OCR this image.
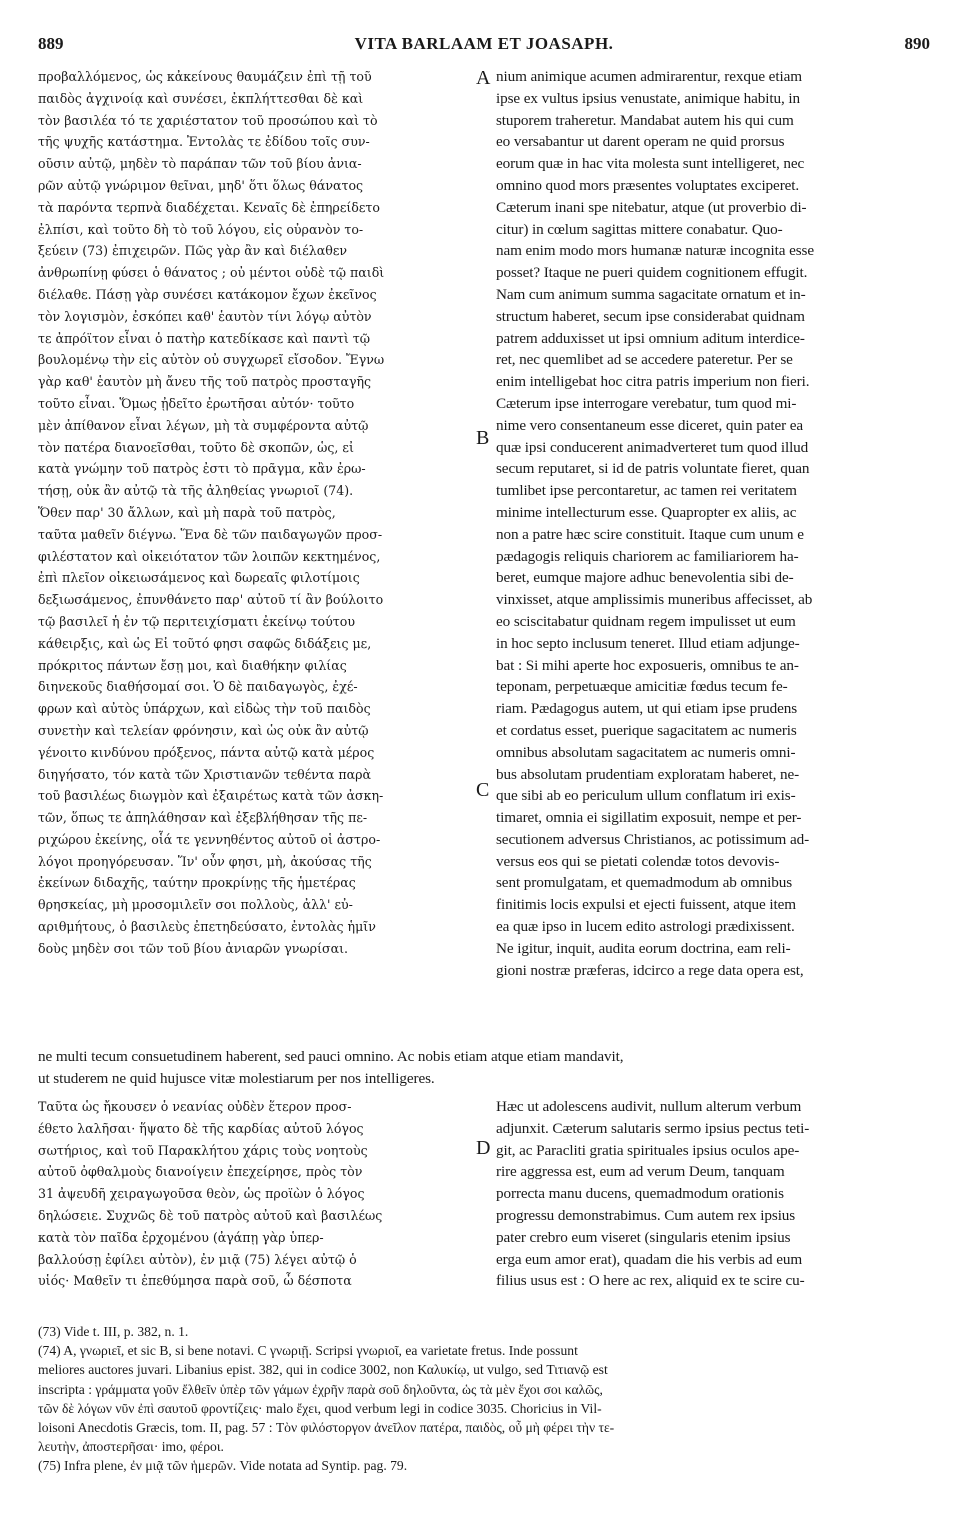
889	VITA BARLAAM ET JOASAPH.	890
A
B
C
D
προβαλλόμενος, ὡς κἀκείνους θαυμάζειν ἐπὶ τῇ τοῦ
παιδὸς ἀγχινοίᾳ καὶ συνέσει, ἐκπλήττεσθαι δὲ καὶ
τὸν βασιλέα τό τε χαριέστατον τοῦ προσώπου καὶ τὸ
τῆς ψυχῆς κατάστημα. Ἐντολὰς τε ἐδίδου τοῖς συν-
οῦσιν αὐτῷ, μηδὲν τὸ παράπαν τῶν τοῦ βίου ἀνια-
ρῶν αὐτῷ γνώριμον θεῖναι, μηδ' ὅτι ὅλως θάνατος
τὰ παρόντα τερπνὰ διαδέχεται. Κεναῖς δὲ ἐπηρείδετο
ἐλπίσι, καὶ τοῦτο δὴ τὸ τοῦ λόγου, εἰς οὐρανὸν το-
ξεύειν (73) ἐπιχειρῶν. Πῶς γὰρ ἂν καὶ διέλαθεν
ἀνθρωπίνῃ φύσει ὁ θάνατος ; οὐ μέντοι οὐδὲ τῷ παιδὶ
διέλαθε. Πάσῃ γὰρ συνέσει κατάκομον ἔχων ἐκεῖνος
τὸν λογισμὸν, ἐσκόπει καθ' ἑαυτὸν τίνι λόγῳ αὐτὸν
τε ἀπρόϊτον εἶναι ὁ πατὴρ κατεδίκασε καὶ παντὶ τῷ
βουλομένῳ τὴν εἰς αὐτὸν οὐ συγχωρεῖ εἴσοδον. Ἔγνω
γὰρ καθ' ἑαυτὸν μὴ ἄνευ τῆς τοῦ πατρὸς προσταγῆς
τοῦτο εἶναι. Ὅμως ᾐδεῖτο ἐρωτῆσαι αὐτόν· τοῦτο
μὲν ἀπίθανον εἶναι λέγων, μὴ τὰ συμφέροντα αὐτῷ
τὸν πατέρα διανοεῖσθαι, τοῦτο δὲ σκοπῶν, ὡς, εἰ
κατὰ γνώμην τοῦ πατρὸς ἐστι τὸ πρᾶγμα, κἂν ἐρω-
τήσῃ, οὐκ ἂν αὐτῷ τὰ τῆς ἀληθείας γνωριοῖ (74).
Ὅθεν παρ' 30 ἄλλων, καὶ μὴ παρὰ τοῦ πατρὸς,
ταῦτα μαθεῖν διέγνω. Ἕνα δὲ τῶν παιδαγωγῶν προσ-
φιλέστατον καὶ οἰκειότατον τῶν λοιπῶν κεκτημένος,
ἐπὶ πλεῖον οἰκειωσάμενος καὶ δωρεαῖς φιλοτίμοις
δεξιωσάμενος, ἐπυνθάνετο παρ' αὐτοῦ τί ἂν βούλοιτο
τῷ βασιλεῖ ἡ ἐν τῷ περιτειχίσματι ἐκείνῳ τούτου
κάθειρξις, καὶ ὡς Εἰ τοῦτό φησι σαφῶς διδάξεις με,
πρόκριτος πάντων ἔσῃ μοι, καὶ διαθήκην φιλίας
διηνεκοῦς διαθήσομαί σοι. Ὁ δὲ παιδαγωγὸς, ἐχέ-
φρων καὶ αὐτὸς ὑπάρχων, καὶ εἰδὼς τὴν τοῦ παιδὸς
συνετὴν καὶ τελείαν φρόνησιν, καὶ ὡς οὐκ ἂν αὐτῷ
γένοιτο κινδύνου πρόξενος, πάντα αὐτῷ κατὰ μέρος
διηγήσατο, τόν κατὰ τῶν Χριστιανῶν τεθέντα παρὰ
τοῦ βασιλέως διωγμὸν καὶ ἐξαιρέτως κατὰ τῶν ἀσκη-
τῶν, ὅπως τε ἀπηλάθησαν καὶ ἐξεβλήθησαν τῆς πε-
ριχώρου ἐκείνης, οἷά τε γεννηθέντος αὐτοῦ οἱ ἀστρο-
λόγοι προηγόρευσαν. Ἵν' οὖν φησι, μὴ, ἀκούσας τῆς
ἐκείνων διδαχῆς, ταύτην προκρίνῃς τῆς ἡμετέρας
θρησκείας, μὴ μροσομιλεῖν σοι πολλοὺς, ἀλλ' εὐ-
αριθμήτους, ὁ βασιλεὺς ἐπετηδεύσατο, ἐντολὰς ἡμῖν
δοὺς μηδὲν σοι τῶν τοῦ βίου ἀνιαρῶν γνωρίσαι.
nium animique acumen admirarentur, rexque etiam
ipse ex vultus ipsius venustate, animique habitu, in
stuporem traheretur. Mandabat autem his qui cum
eo versabantur ut darent operam ne quid prorsus
eorum quæ in hac vita molesta sunt intelligeret, nec
omnino quod mors præsentes voluptates exciperet.
Cæterum inani spe nitebatur, atque (ut proverbio di-
citur) in cœlum sagittas mittere conabatur. Quo-
nam enim modo mors humanæ naturæ incognita esse
posset? Itaque ne pueri quidem cognitionem effugit.
Nam cum animum summa sagacitate ornatum et in-
structum haberet, secum ipse considerabat quidnam
patrem adduxisset ut ipsi omnium aditum interdice-
ret, nec quemlibet ad se accedere pateretur. Per se
enim intelligebat hoc citra patris imperium non fieri.
Cæterum ipse interrogare verebatur, tum quod mi-
nime vero consentaneum esse diceret, quin pater ea
quæ ipsi conducerent animadverteret tum quod illud
secum reputaret, si id de patris voluntate fieret, quan
tumlibet ipse percontaretur, ac tamen rei veritatem
minime intellecturum esse. Quapropter ex aliis, ac
non a patre hæc scire constituit. Itaque cum unum e
pædagogis reliquis chariorem ac familiariorem ha-
beret, eumque majore adhuc benevolentia sibi de-
vinxisset, atque amplissimis muneribus affecisset, ab
eo sciscitabatur quidnam regem impulisset ut eum
in hoc septo inclusum teneret. Illud etiam adjunge-
bat : Si mihi aperte hoc exposueris, omnibus te an-
teponam, perpetuæque amicitiæ fœdus tecum fe-
riam. Pædagogus autem, ut qui etiam ipse prudens
et cordatus esset, puerique sagacitatem ac numeris
omnibus absolutam sagacitatem ac numeris omni-
bus absolutam prudentiam exploratam haberet, ne-
que sibi ab eo periculum ullum conflatum iri exis-
timaret, omnia ei sigillatim exposuit, nempe et per-
secutionem adversus Christianos, ac potissimum ad-
versus eos qui se pietati colendæ totos devovis-
sent promulgatam, et quemadmodum ab omnibus
finitimis locis expulsi et ejecti fuissent, atque item
ea quæ ipso in lucem edito astrologi prædixissent.
Ne igitur, inquit, audita eorum doctrina, eam reli-
gioni nostræ præferas, idcirco a rege data opera est,
ne multi tecum consuetudinem haberent, sed pauci omnino. Ac nobis etiam atque etiam mandavit,
ut studerem ne quid hujusce vitæ molestiarum per nos intelligeres.
Ταῦτα ὡς ἤκουσεν ὁ νεανίας οὐδὲν ἕτερον προσ-
έθετο λαλῆσαι· ἥψατο δὲ τῆς καρδίας αὐτοῦ λόγος
σωτήριος, καὶ τοῦ Παρακλήτου χάρις τοὺς νοητοὺς
αὐτοῦ ὀφθαλμοὺς διανοίγειν ἐπεχείρησε, πρὸς τὸν
31 ἀψευδῆ χειραγωγοῦσα θεὸν, ὡς προϊὼν ὁ λόγος
δηλώσειε. Συχνῶς δὲ τοῦ πατρὸς αὐτοῦ καὶ βασιλέως
κατὰ τὸν παῖδα ἐρχομένου (ἀγάπῃ γὰρ ὑπερ-
βαλλούσῃ ἐφίλει αὐτὸν), ἐν μιᾷ (75) λέγει αὐτῷ ὁ
υἱός· Μαθεῖν τι ἐπεθύμησα παρὰ σοῦ, ὦ δέσποτα
Hæc ut adolescens audivit, nullum alterum verbum
adjunxit. Cæterum salutaris sermo ipsius pectus teti-
git, ac Paracliti gratia spirituales ipsius oculos ape-
rire aggressa est, eum ad verum Deum, tanquam
porrecta manu ducens, quemadmodum orationis
progressu demonstrabimus. Cum autem rex ipsius
pater crebro eum viseret (singularis etenim ipsius
erga eum amor erat), quadam die his verbis ad eum
filius usus est : O here ac rex, aliquid ex te scire cu-
(73) Vide t. III, p. 382, n. 1.
(74) A, γνωριεῖ, et sic B, si bene notavi. C γνωριῇ. Scripsi γνωριοῖ, ea varietate fretus. Inde possunt
meliores auctores juvari. Libanius epist. 382, qui in codice 3002, non Καλυκίῳ, ut vulgo, sed Τιτιανῷ est
inscripta : γράμματα γοῦν ἔλθεῖν ὑπὲρ τῶν γάμων ἐχρῆν παρὰ σοῦ δηλοῦντα, ὡς τὰ μὲν ἔχοι σοι καλῶς,
τῶν δὲ λόγων νῦν ἐπὶ σαυτοῦ φροντίζεις· malo ἔχει, quod verbum legi in codice 3035. Choricius in Vil-
loisoni Anecdotis Græcis, tom. II, pag. 57 : Τὸν φιλόστοργον ἀνεῖλον πατέρα, παιδὸς, οὗ μὴ φέρει τὴν τε-
λευτὴν, ἀποστερῆσαι· imo, φέροι.
(75) Infra plene, ἐν μιᾷ τῶν ἡμερῶν. Vide notata ad Syntip. pag. 79.
